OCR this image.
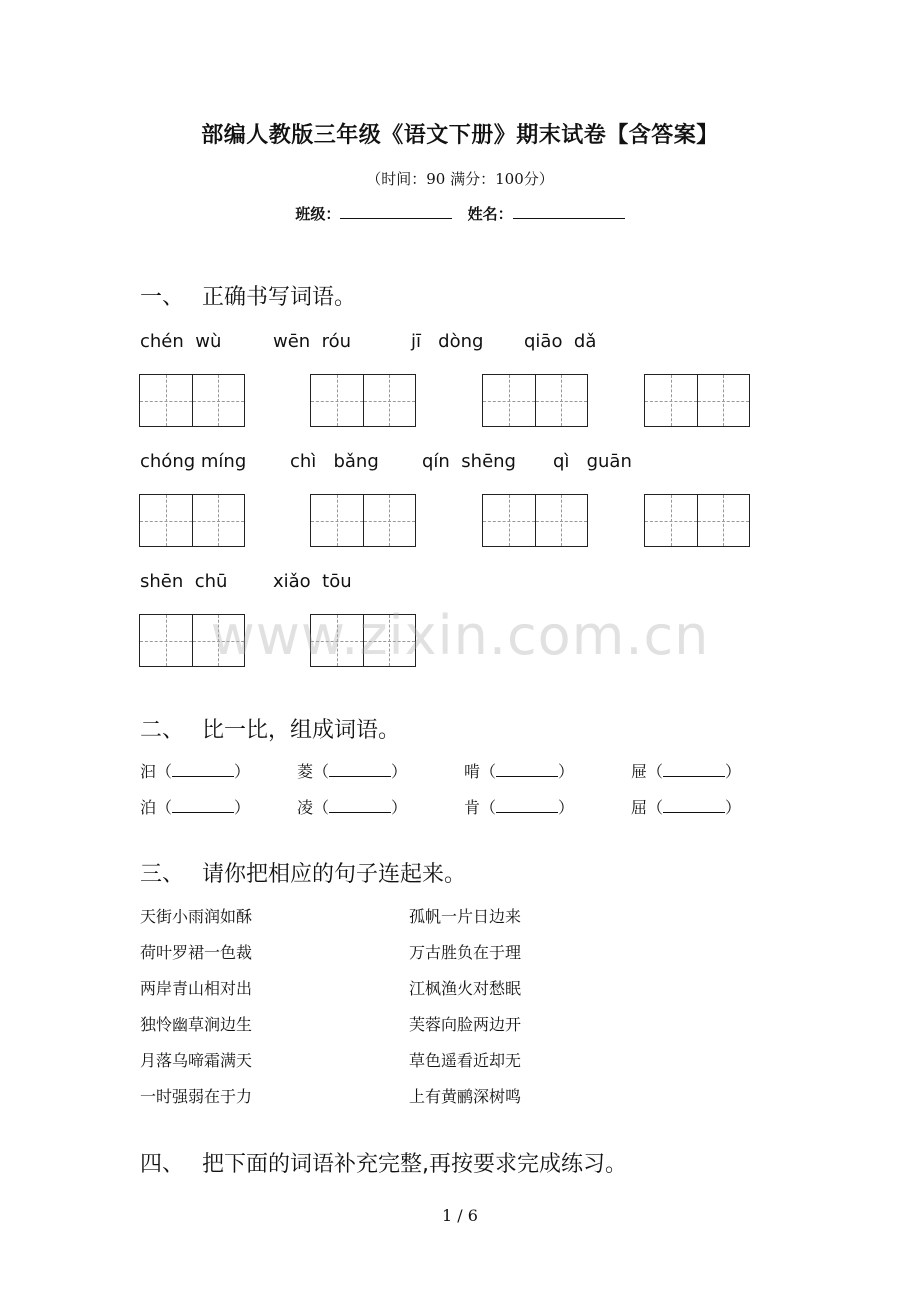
部编人教版三年级《语文下册》期末试卷【含答案】
（时间：90 满分：100分）
班级：	姓名：
一、 正确书写词语。
chén  wù	wēn  róu	jī   dòng qiāo  dǎ
chóng míng chì   bǎng qín  shēng qì   guān
shēn  chū	xiǎo  tōu
www.zixin.com.cn
二、 比一比，组成词语。
汩（	）	菱（	）	啃（	）	屉（	）
泊（	）	凌（	）	肯（	）	屈（	）
三、 请你把相应的句子连起来。
天街小雨润如酥	孤帆一片日边来
荷叶罗裙一色裁	万古胜负在于理
两岸青山相对出	江枫渔火对愁眠
独怜幽草涧边生	芙蓉向脸两边开
月落乌啼霜满天	草色遥看近却无
一时强弱在于力	上有黄鹂深树鸣
四、 把下面的词语补充完整,再按要求完成练习。
1 / 6
